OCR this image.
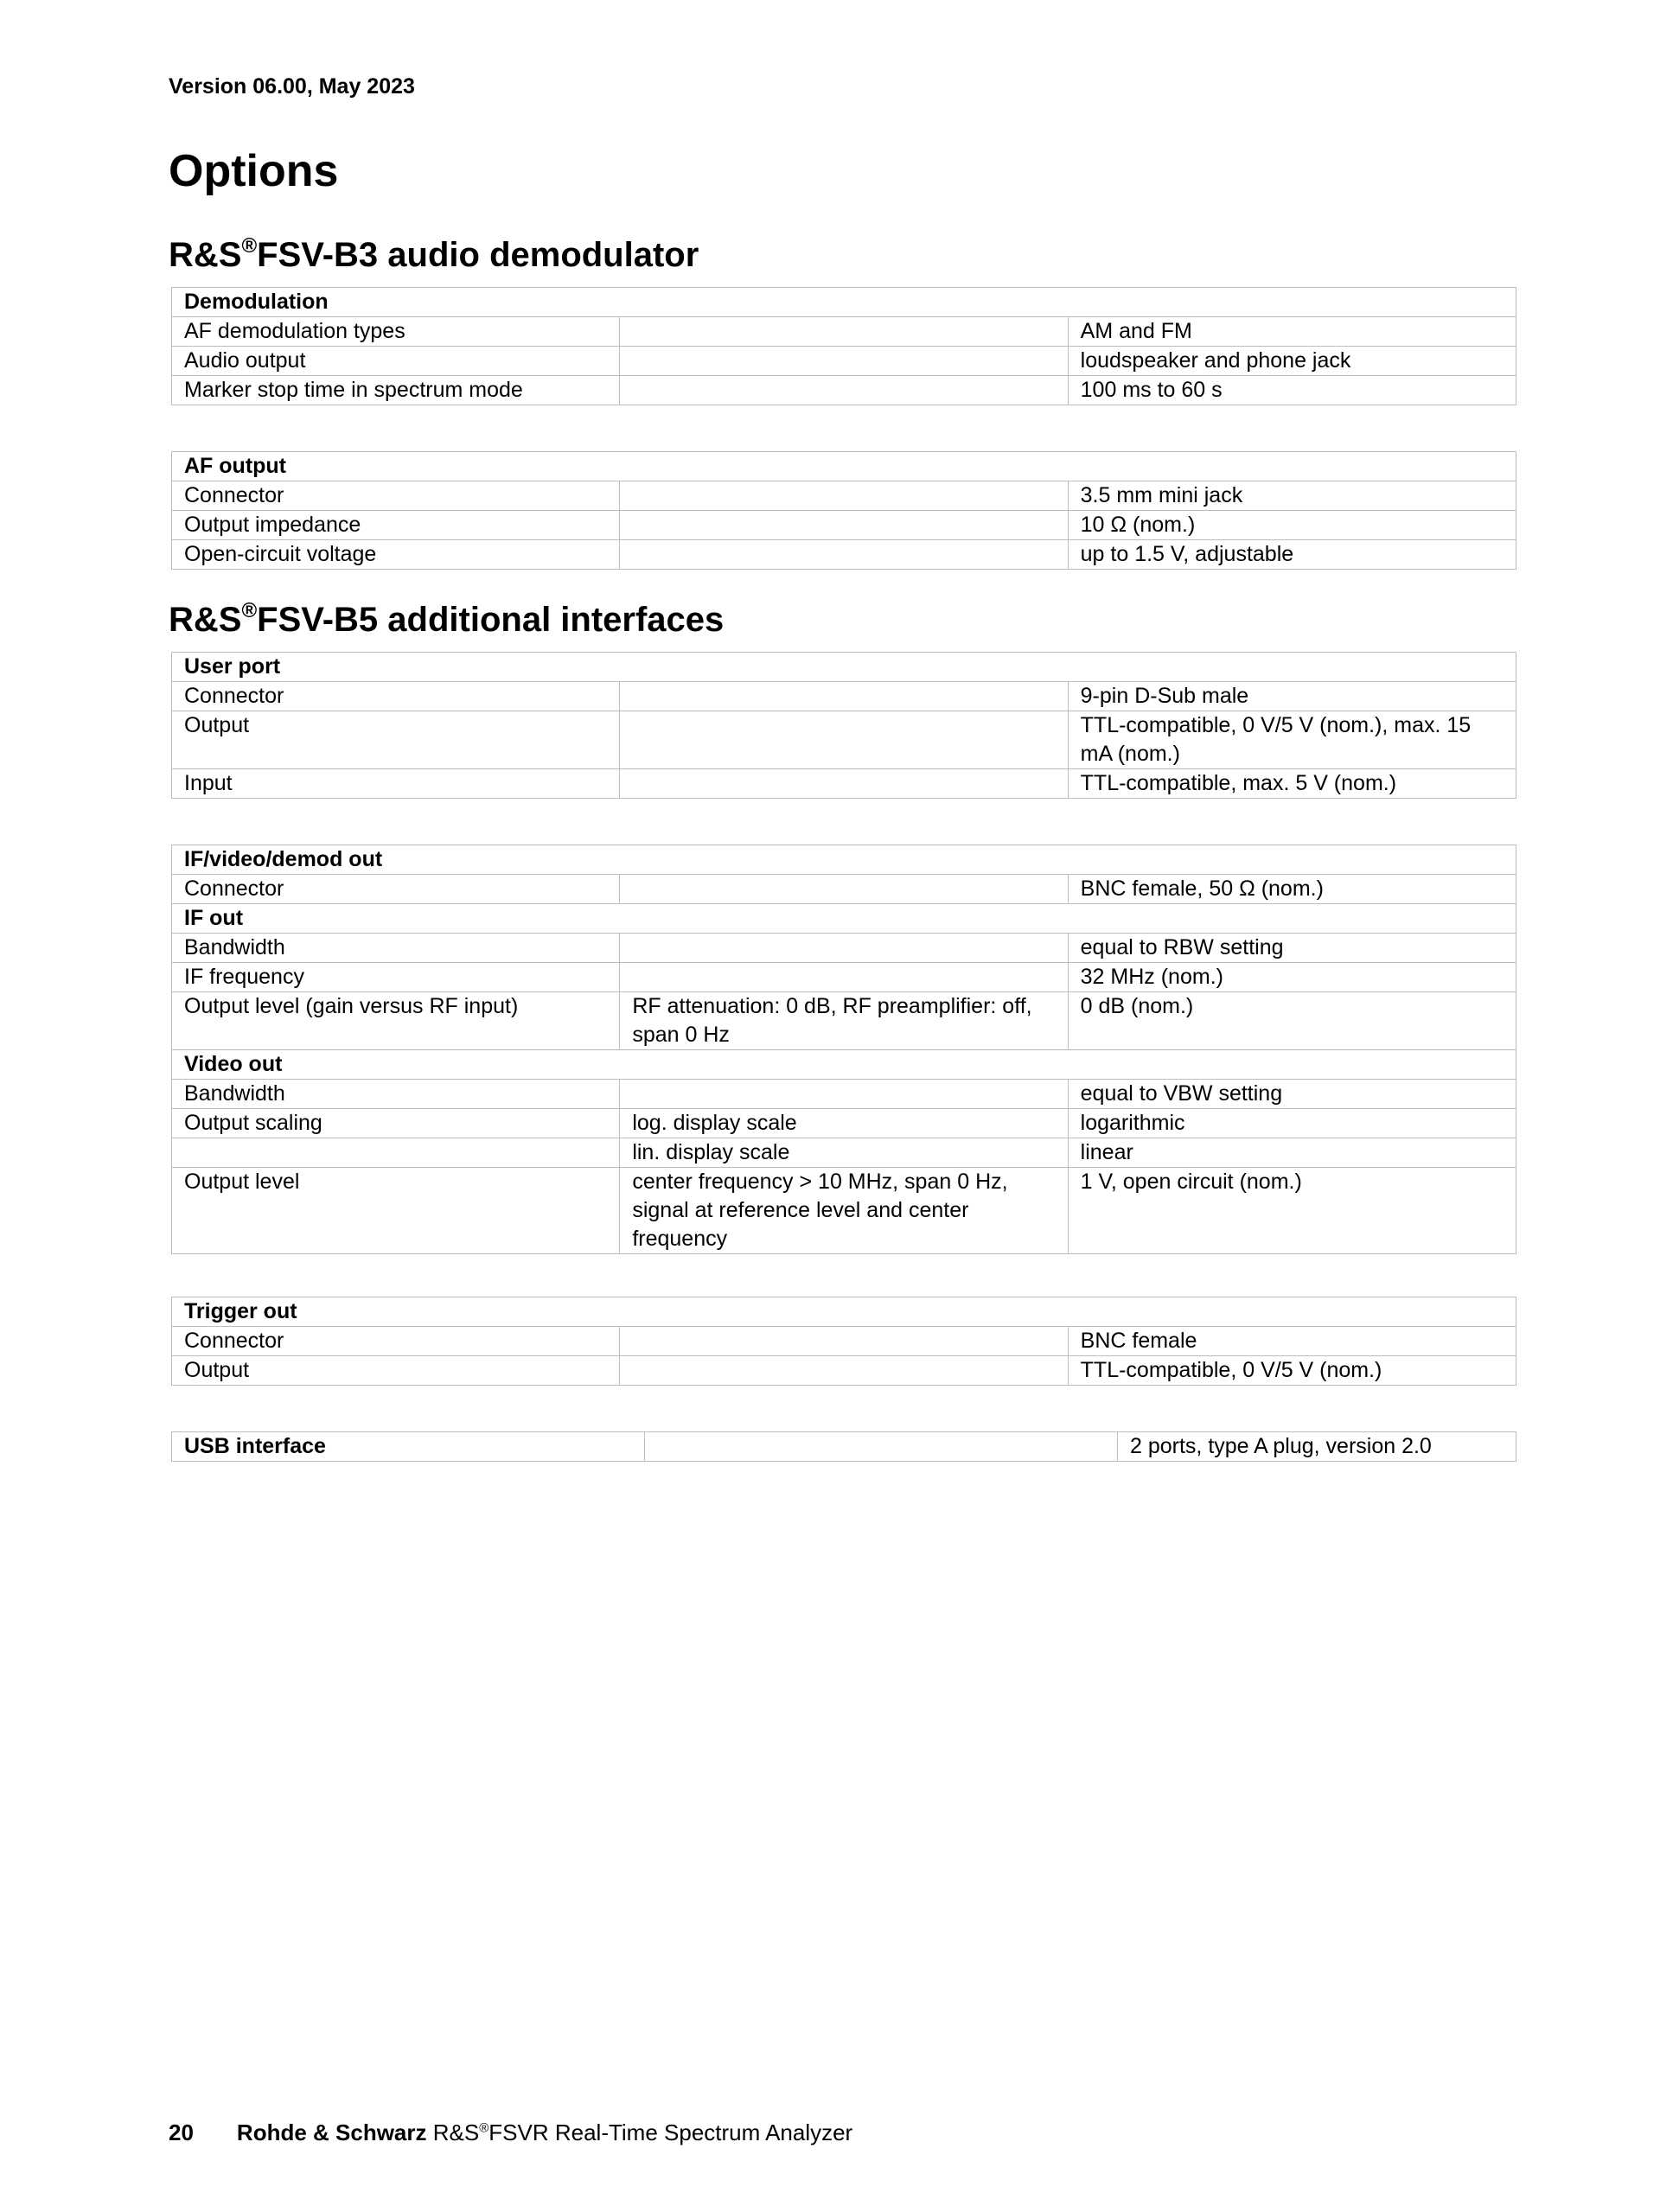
Version 06.00, May 2023
Options
R&S®FSV-B3 audio demodulator
Demodulation		
AF demodulation types		AM and FM
Audio output		loudspeaker and phone jack
Marker stop time in spectrum mode		100 ms to 60 s
AF output		
Connector		3.5 mm mini jack
Output impedance		10 Ω (nom.)
Open-circuit voltage		up to 1.5 V, adjustable
R&S®FSV-B5 additional interfaces
User port		
Connector		9-pin D-Sub male
Output		TTL-compatible, 0 V/5 V (nom.), max. 15 mA (nom.)
Input		TTL-compatible, max. 5 V (nom.)
IF/video/demod out		
Connector		BNC female, 50 Ω (nom.)
IF out		
Bandwidth		equal to RBW setting
IF frequency		32 MHz (nom.)
Output level (gain versus RF input)	RF attenuation: 0 dB, RF preamplifier: off, span 0 Hz	0 dB (nom.)
Video out		
Bandwidth		equal to VBW setting
Output scaling	log. display scale	logarithmic
	lin. display scale	linear
Output level	center frequency > 10 MHz, span 0 Hz, signal at reference level and center frequency	1 V, open circuit (nom.)
Trigger out		
Connector		BNC female
Output		TTL-compatible, 0 V/5 V (nom.)
USB interface		2 ports, type A plug, version 2.0
20 Rohde & Schwarz R&S®FSVR Real-Time Spectrum Analyzer
